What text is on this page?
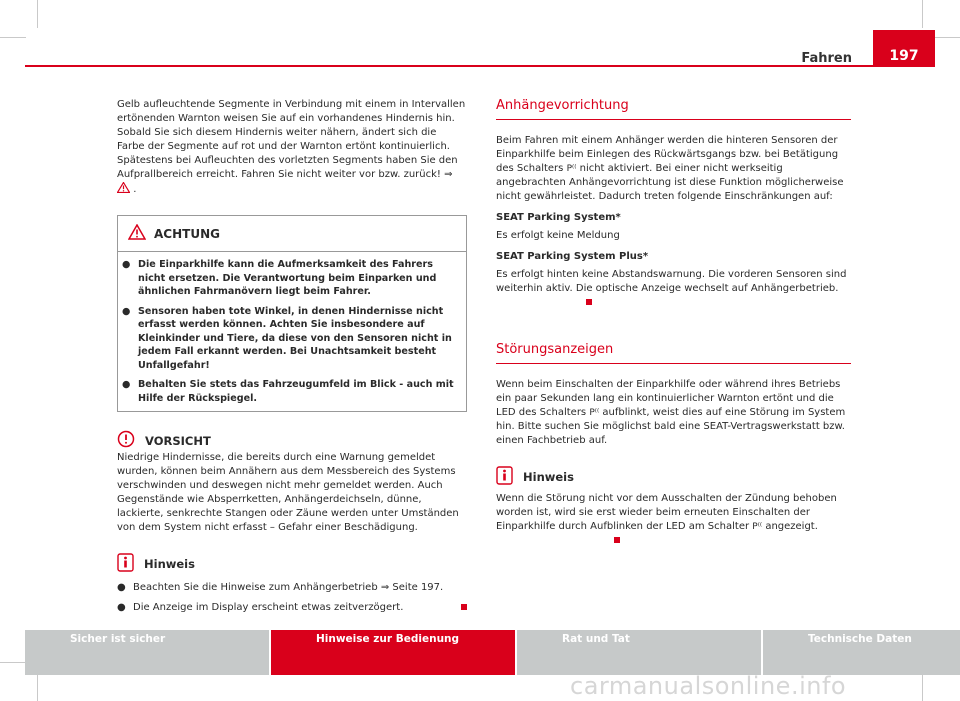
Fahren	197

Gelb aufleuchtende Segmente in Verbindung mit einem in Intervallen ertönenden Warnton weisen Sie auf ein vorhandenes Hindernis hin. Sobald Sie sich diesem Hindernis weiter nähern, ändert sich die Farbe der Segmente auf rot und der Warnton ertönt kontinuierlich. Spätestens bei Aufleuchten des vorletzten Segments haben Sie den Aufprallbereich erreicht. Fahren Sie nicht weiter vor bzw. zurück! ⇒  .

ACHTUNG
● Die Einparkhilfe kann die Aufmerksamkeit des Fahrers nicht ersetzen. Die Verantwortung beim Einparken und ähnlichen Fahrmanövern liegt beim Fahrer.
● Sensoren haben tote Winkel, in denen Hindernisse nicht erfasst werden können. Achten Sie insbesondere auf Kleinkinder und Tiere, da diese von den Sensoren nicht in jedem Fall erkannt werden. Bei Unachtsamkeit besteht Unfallgefahr!
● Behalten Sie stets das Fahrzeugumfeld im Blick - auch mit Hilfe der Rückspiegel.
VORSICHT

Niedrige Hindernisse, die bereits durch eine Warnung gemeldet wurden, können beim Annähern aus dem Messbereich des Systems verschwinden und deswegen nicht mehr gemeldet werden. Auch Gegenstände wie Absperrketten, Anhängerdeichseln, dünne, lackierte, senkrechte Stangen oder Zäune werden unter Umständen von dem System nicht erfasst – Gefahr einer Beschädigung.

Hinweis
● Beachten Sie die Hinweise zum Anhängerbetrieb ⇒ Seite 197.
● Die Anzeige im Display erscheint etwas zeitverzögert.

Anhängevorrichtung

Beim Fahren mit einem Anhänger werden die hinteren Sensoren der Einparkhilfe beim Einlegen des Rückwärtsgangs bzw. bei Betätigung des Schalters P⁽⁽ nicht aktiviert. Bei einer nicht werkseitig angebrachten Anhängevorrichtung ist diese Funktion möglicherweise nicht gewährleistet. Dadurch treten folgende Einschränkungen auf:

SEAT Parking System*

Es erfolgt keine Meldung

SEAT Parking System Plus*

Es erfolgt hinten keine Abstandswarnung. Die vorderen Sensoren sind weiterhin aktiv. Die optische Anzeige wechselt auf Anhängerbetrieb.

Störungsanzeigen

Wenn beim Einschalten der Einparkhilfe oder während ihres Betriebs ein paar Sekunden lang ein kontinuierlicher Warnton ertönt und die LED des Schalters P⁽⁽ aufblinkt, weist dies auf eine Störung im System hin. Bitte suchen Sie möglichst bald eine SEAT-Vertragswerkstatt bzw. einen Fachbetrieb auf.

Hinweis

Wenn die Störung nicht vor dem Ausschalten der Zündung behoben worden ist, wird sie erst wieder beim erneuten Einschalten der Einparkhilfe durch Aufblinken der LED am Schalter P⁽⁽ angezeigt.

Sicher ist sicher	Hinweise zur Bedienung	Rat und Tat	Technische Daten
carmanualsonline.info
